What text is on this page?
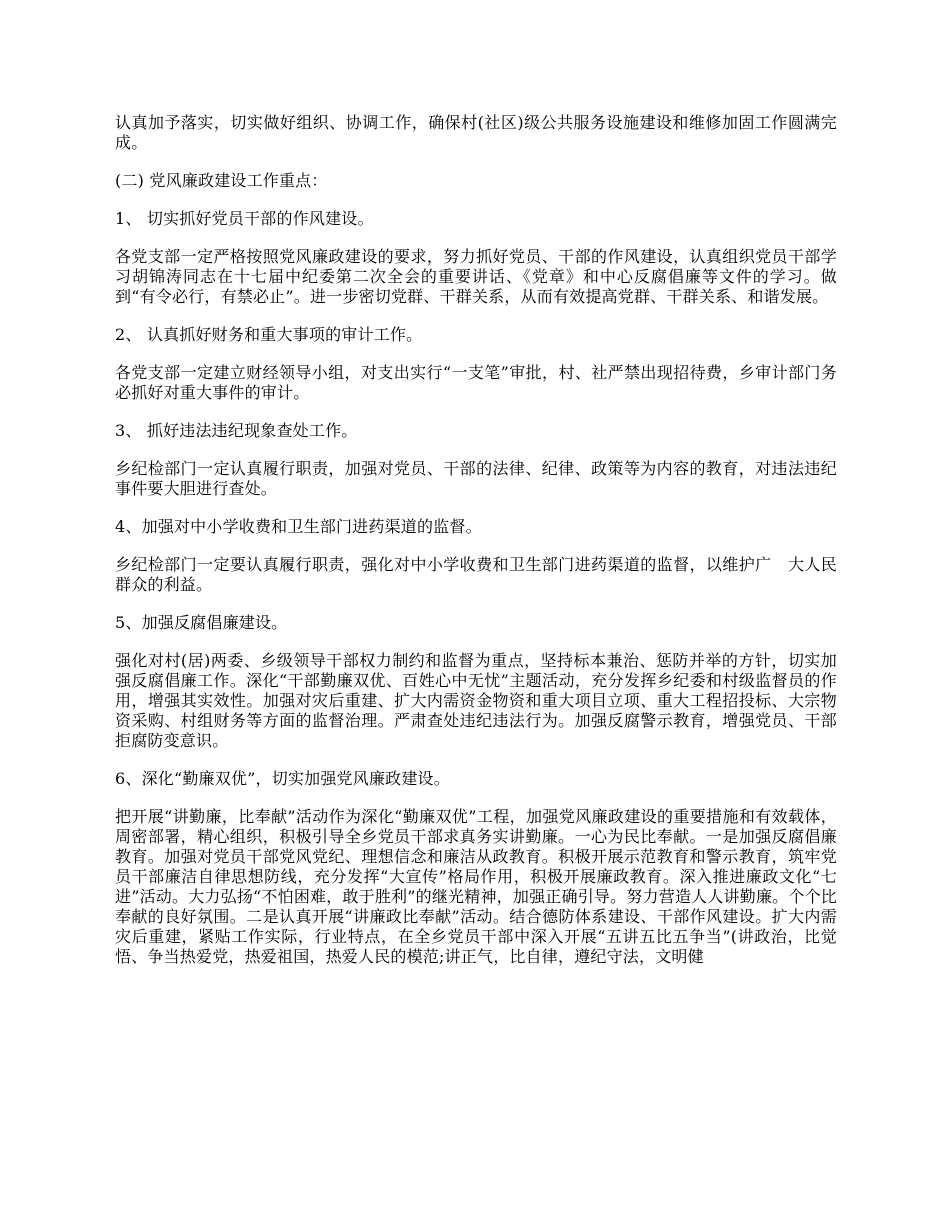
认真加予落实，切实做好组织、协调工作，确保村(社区)级公共服务设施建设和维修加固工作圆满完成。

(二) 党风廉政建设工作重点：

1、 切实抓好党员干部的作风建设。

各党支部一定严格按照党风廉政建设的要求，努力抓好党员、干部的作风建设，认真组织党员干部学习胡锦涛同志在十七届中纪委第二次全会的重要讲话、《党章》和中心反腐倡廉等文件的学习。做到“有令必行，有禁必止”。进一步密切党群、干群关系，从而有效提高党群、干群关系、和谐发展。

2、 认真抓好财务和重大事项的审计工作。

各党支部一定建立财经领导小组，对支出实行“一支笔”审批，村、社严禁出现招待费，乡审计部门务必抓好对重大事件的审计。

3、 抓好违法违纪现象查处工作。

乡纪检部门一定认真履行职责，加强对党员、干部的法律、纪律、政策等为内容的教育，对违法违纪事件要大胆进行查处。

4、加强对中小学收费和卫生部门进药渠道的监督。

乡纪检部门一定要认真履行职责，强化对中小学收费和卫生部门进药渠道的监督，以维护广　大人民群众的利益。

5、加强反腐倡廉建设。

强化对村(居)两委、乡级领导干部权力制约和监督为重点，坚持标本兼治、惩防并举的方针，切实加强反腐倡廉工作。深化“干部勤廉双优、百姓心中无忧”主题活动，充分发挥乡纪委和村级监督员的作用，增强其实效性。加强对灾后重建、扩大内需资金物资和重大项目立项、重大工程招投标、大宗物资采购、村组财务等方面的监督治理。严肃查处违纪违法行为。加强反腐警示教育，增强党员、干部拒腐防变意识。

6、深化“勤廉双优”，切实加强党风廉政建设。

把开展“讲勤廉，比奉献”活动作为深化“勤廉双优”工程，加强党风廉政建设的重要措施和有效载体，周密部署，精心组织，积极引导全乡党员干部求真务实讲勤廉。一心为民比奉献。一是加强反腐倡廉教育。加强对党员干部党风党纪、理想信念和廉洁从政教育。积极开展示范教育和警示教育，筑牢党员干部廉洁自律思想防线，充分发挥“大宣传”格局作用，积极开展廉政教育。深入推进廉政文化“七进”活动。大力弘扬“不怕困难，敢于胜利”的继光精神，加强正确引导。努力营造人人讲勤廉。个个比奉献的良好氛围。二是认真开展“讲廉政比奉献”活动。结合德防体系建设、干部作风建设。扩大内需灾后重建，紧贴工作实际，行业特点，在全乡党员干部中深入开展“五讲五比五争当”(讲政治，比觉悟、争当热爱党，热爱祖国，热爱人民的模范;讲正气，比自律，遵纪守法，文明健
